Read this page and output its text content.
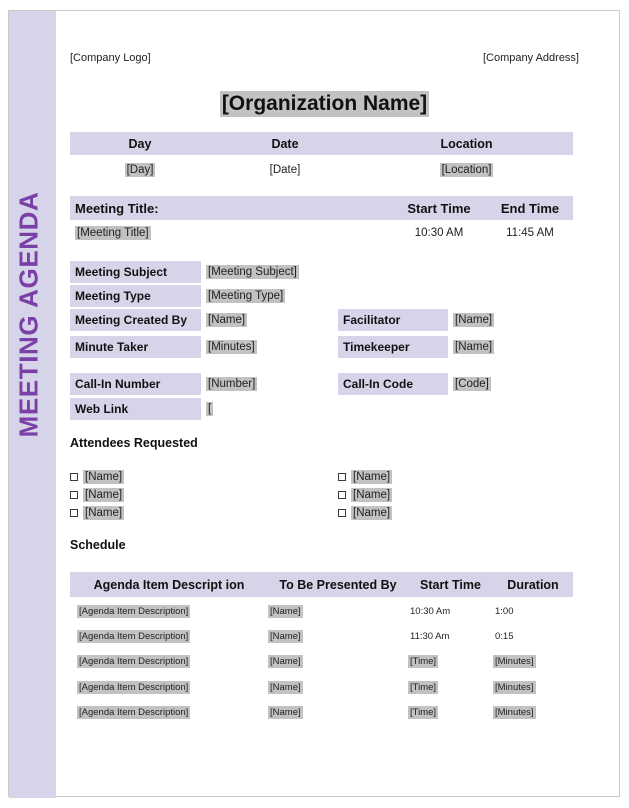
MEETING AGENDA
[Company Logo]	[Company Address]
[Organization Name]
Day	Date	Location
[Day]	[Date]	[Location]
Meeting Title:	Start Time	End Time
[Meeting Title]	10:30 AM	11:45 AM
Meeting Subject	[Meeting Subject]
Meeting Type	[Meeting Type]
Meeting Created By	[Name]	Facilitator	[Name]
Minute Taker	[Minutes]	Timekeeper	[Name]
Call-In Number	[Number]	Call-In Code	[Code]
Web Link	[
Attendees Requested
[Name]
[Name]
[Name]
[Name]
[Name]
[Name]
Schedule
Agenda Item Descript ion	To Be Presented By	Start Time	Duration
[Agenda Item Description]	[Name]	10:30 Am	1:00
[Agenda Item Description]	[Name]	11:30 Am	0:15
[Agenda Item Description]	[Name]	[Time]	[Minutes]
[Agenda Item Description]	[Name]	[Time]	[Minutes]
[Agenda Item Description]	[Name]	[Time]	[Minutes]
